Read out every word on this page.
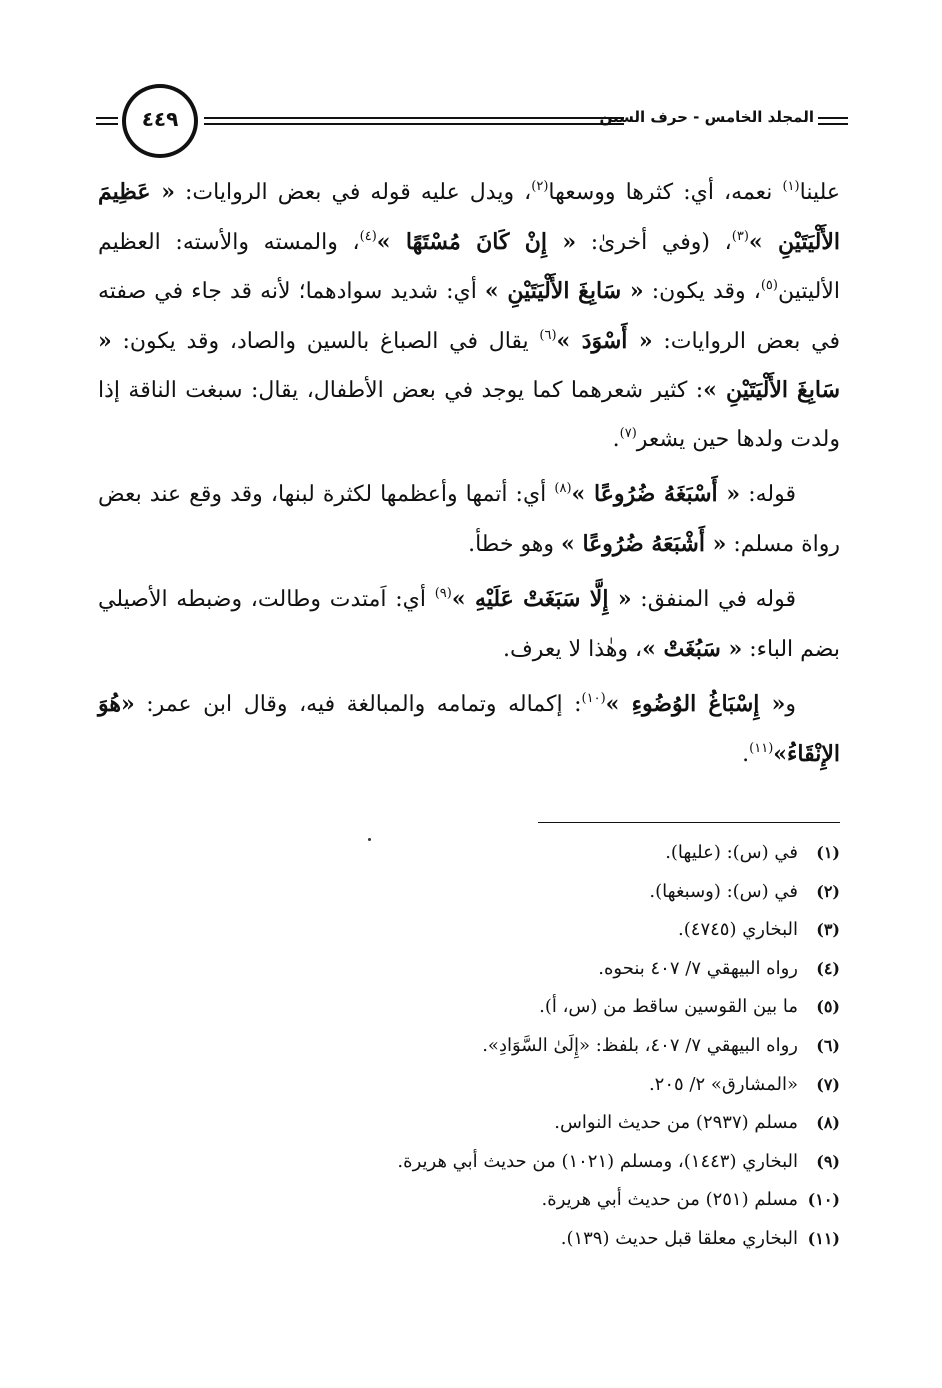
٤٤٩	المجلد الخامس - حرف السين

علينا$^{(١)}$ نعمه، أي: كثرها ووسعها$^{(٢)}$، ويدل عليه قوله في بعض الروايات: « عَظِيمَ الأَلْيَتَيْنِ »$^{(٣)}$، (وفي أخرىٰ: « إِنْ كَانَ مُسْتَهًا »$^{(٤)}$، والمسته والأسته: العظيم الأليتين$^{(٥)}$، وقد يكون: « سَابِغَ الأَلْيَتَيْنِ » أي: شديد سوادهما؛ لأنه قد جاء في صفته في بعض الروايات: « أَسْوَدَ »$^{(٦)}$ يقال في الصباغ بالسين والصاد، وقد يكون: « سَابِغَ الأَلْيَتَيْنِ »: كثير شعرهما كما يوجد في بعض الأطفال، يقال: سبغت الناقة إذا ولدت ولدها حين يشعر$^{(٧)}$.

قوله: « أَسْبَغَهُ ضُرُوعًا »$^{(٨)}$ أي: أتمها وأعظمها لكثرة لبنها، وقد وقع عند بعض رواة مسلم: « أَشْبَعَهُ ضُرُوعًا » وهو خطأ.

قوله في المنفق: « إِلَّا سَبَغَتْ عَلَيْهِ »$^{(٩)}$ أي: اَمتدت وطالت، وضبطه الأصيلي بضم الباء: « سَبُغَتْ »، وهٰذا لا يعرف.

و« إِسْبَاغُ الوُضُوءِ »$^{(١٠)}$: إكماله وتمامه والمبالغة فيه، وقال ابن عمر: «هُوَ الإِنْقَاءُ»$^{(١١)}$.

(١)في (س): (عليها).
(٢)في (س): (وسبغها).
(٣)البخاري (٤٧٤٥).
(٤)رواه البيهقي ٧/ ٤٠٧ بنحوه.
(٥)ما بين القوسين ساقط من (س، أ).
(٦)رواه البيهقي ٧/ ٤٠٧، بلفظ: «إِلَىٰ السَّوَادِ».
(٧)«المشارق» ٢/ ٢٠٥.
(٨)مسلم (٢٩٣٧) من حديث النواس.
(٩)البخاري (١٤٤٣)، ومسلم (١٠٢١) من حديث أبي هريرة.
(١٠)مسلم (٢٥١) من حديث أبي هريرة.
(١١)البخاري معلقا قبل حديث (١٣٩).
